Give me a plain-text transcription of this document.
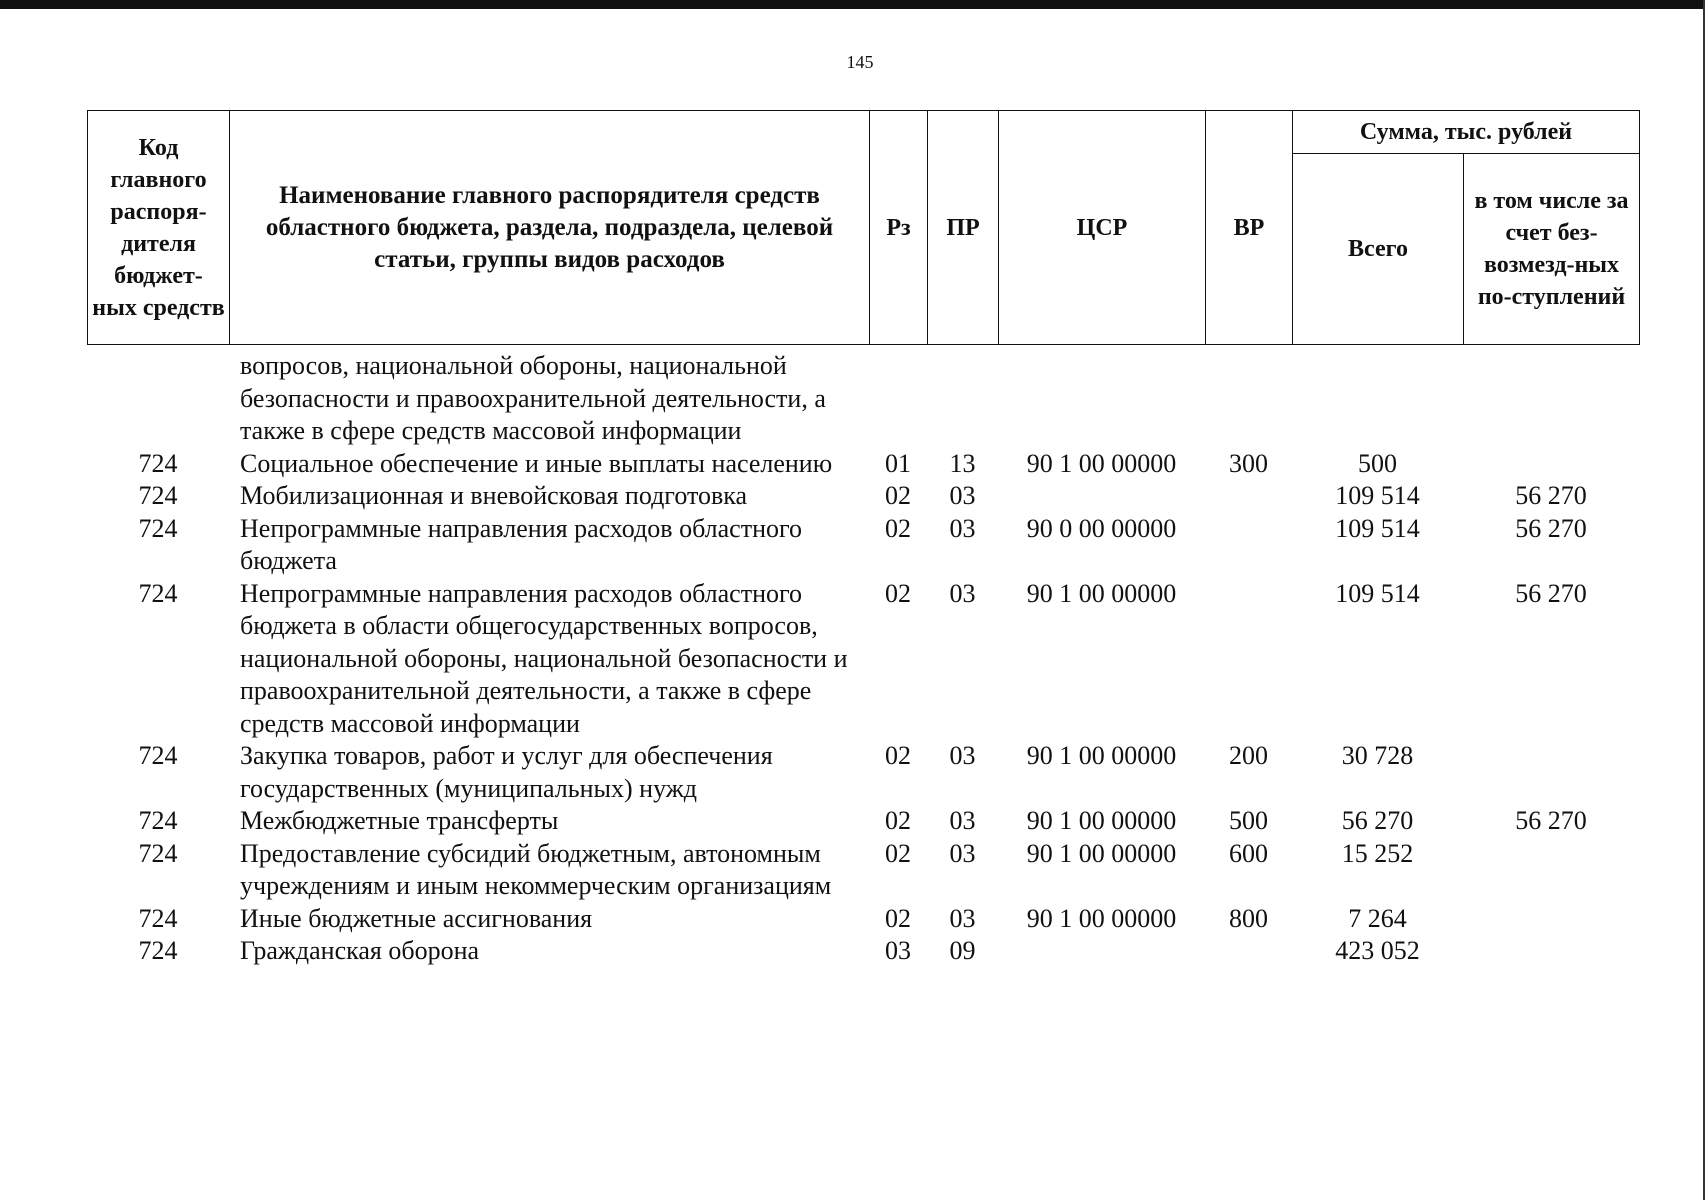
145
Код главного распоря-дителя бюджет-ных средств	Наименование главного распорядителя средств областного бюджета, раздела, подраздела, целевой статьи, группы видов расходов	Рз	ПР	ЦСР	ВР	Сумма, тыс. рублей	
						Всего	в том числе за счет без-возмезд-ных по-ступлений
	вопросов, национальной обороны, национальной безопасности и правоохранительной деятельности, а также в сфере средств массовой информации						
724	Социальное обеспечение и иные выплаты населению	01	13	90 1 00 00000	300	500	
724	Мобилизационная и вневойсковая подготовка	02	03			109 514	56 270
724	Непрограммные направления расходов областного бюджета	02	03	90 0 00 00000		109 514	56 270
724	Непрограммные направления расходов областного бюджета в области общегосударственных вопросов, национальной обороны, национальной безопасности и правоохранительной деятельности, а также в сфере средств массовой информации	02	03	90 1 00 00000		109 514	56 270
724	Закупка товаров, работ и услуг для обеспечения государственных (муниципальных) нужд	02	03	90 1 00 00000	200	30 728	
724	Межбюджетные трансферты	02	03	90 1 00 00000	500	56 270	56 270
724	Предоставление субсидий бюджетным, автономным учреждениям и иным некоммерческим организациям	02	03	90 1 00 00000	600	15 252	
724	Иные бюджетные ассигнования	02	03	90 1 00 00000	800	7 264	
724	Гражданская оборона	03	09			423 052	
